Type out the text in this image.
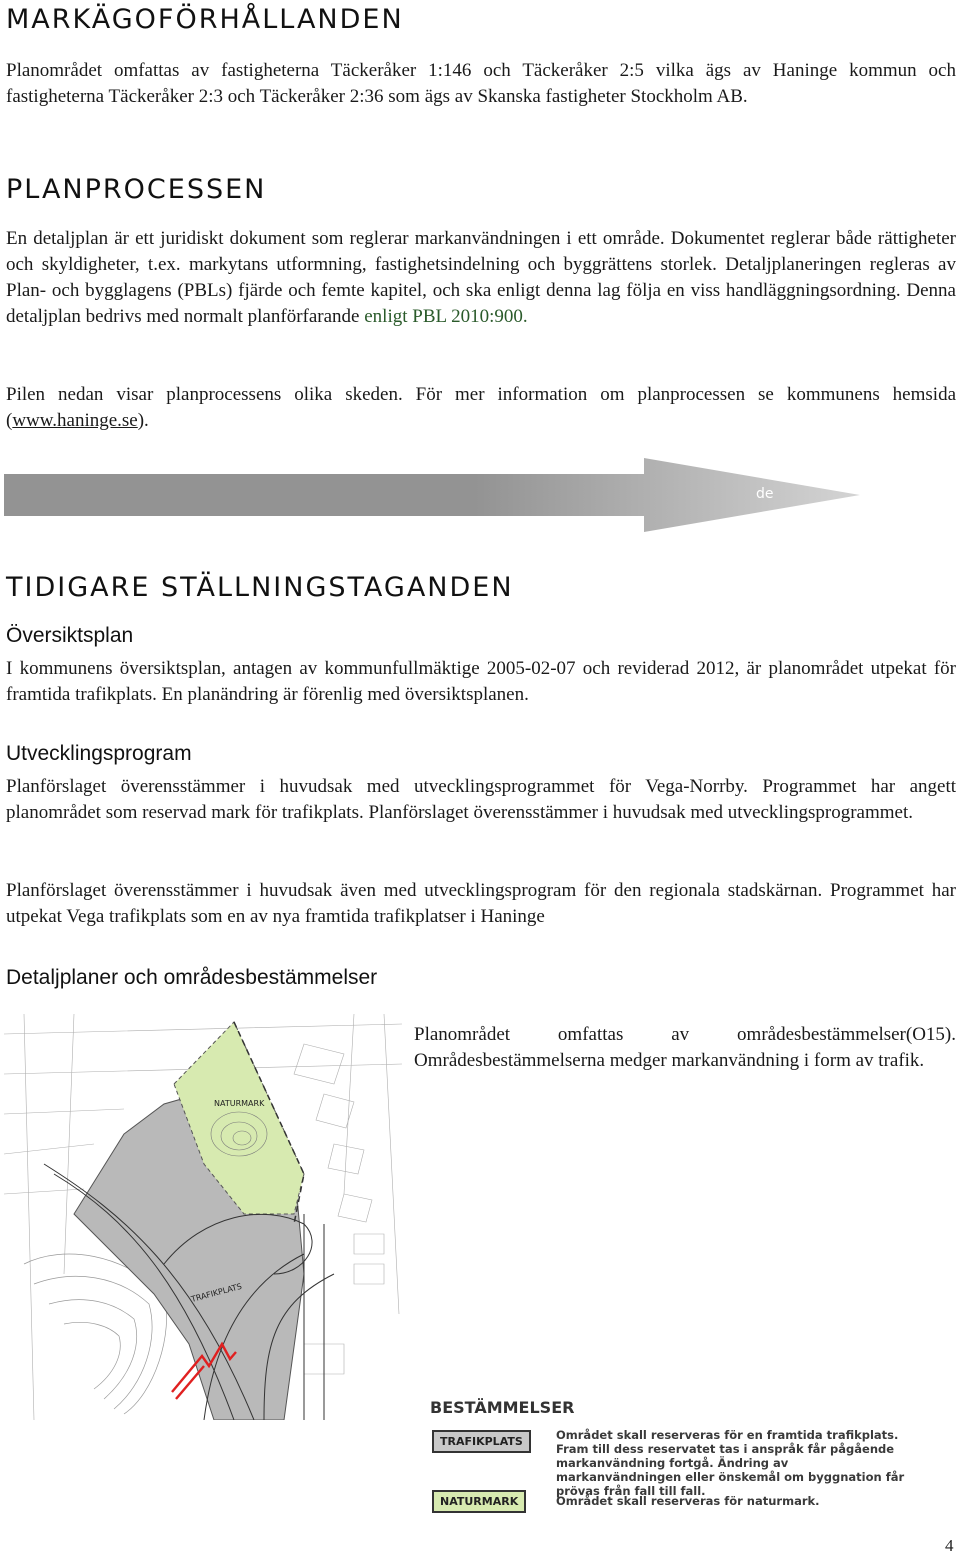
MARKÄGOFÖRHÅLLANDEN

Planområdet omfattas av fastigheterna Täckeråker 1:146 och Täckeråker 2:5 vilka ägs av Haninge kommun och fastigheterna Täckeråker 2:3 och Täckeråker 2:36 som ägs av Skanska fastigheter Stockholm AB.

PLANPROCESSEN

En detaljplan är ett juridiskt dokument som reglerar markanvändningen i ett område. Dokumentet reglerar både rättigheter och skyldigheter, t.ex. markytans utformning, fastighetsindelning och byggrättens storlek. Detaljplaneringen regleras av Plan- och bygglagens (PBLs) fjärde och femte kapitel, och ska enligt denna lag följa en viss handläggningsordning. Denna detaljplan bedrivs med normalt planförfarande enligt PBL 2010:900.

Pilen nedan visar planprocessens olika skeden. För mer information om planprocessen se kommunens hemsida (www.haninge.se).

de
TIDIGARE STÄLLNINGSTAGANDEN
Översiktsplan

I kommunens översiktsplan, antagen av kommunfullmäktige 2005-02-07 och reviderad 2012, är planområdet utpekat för framtida trafikplats. En planändring är förenlig med översiktsplanen.

Utvecklingsprogram

Planförslaget överensstämmer i huvudsak med utvecklingsprogrammet för Vega-Norrby. Programmet har angett planområdet som reservad mark för trafikplats. Planförslaget överensstämmer i huvudsak med utvecklingsprogrammet.

Planförslaget överensstämmer i huvudsak även med utvecklingsprogram för den regionala stadskärnan. Programmet har utpekat Vega trafikplats som en av nya framtida trafikplatser i Haninge

Detaljplaner och områdesbestämmelser
NATURMARK
TRAFIKPLATS

Planområdet omfattas av områdesbestämmelser(O15). Områdesbestämmelserna medger markanvändning i form av trafik.

BESTÄMMELSER
TRAFIKPLATS	Området skall reserveras för en framtida trafikplats. Fram till dess reservatet tas i anspråk får pågående markanvändning fortgå. Ändring av markanvändningen eller önskemål om byggnation får prövas från fall till fall.
NATURMARK	Området skall reserveras för naturmark.
4
